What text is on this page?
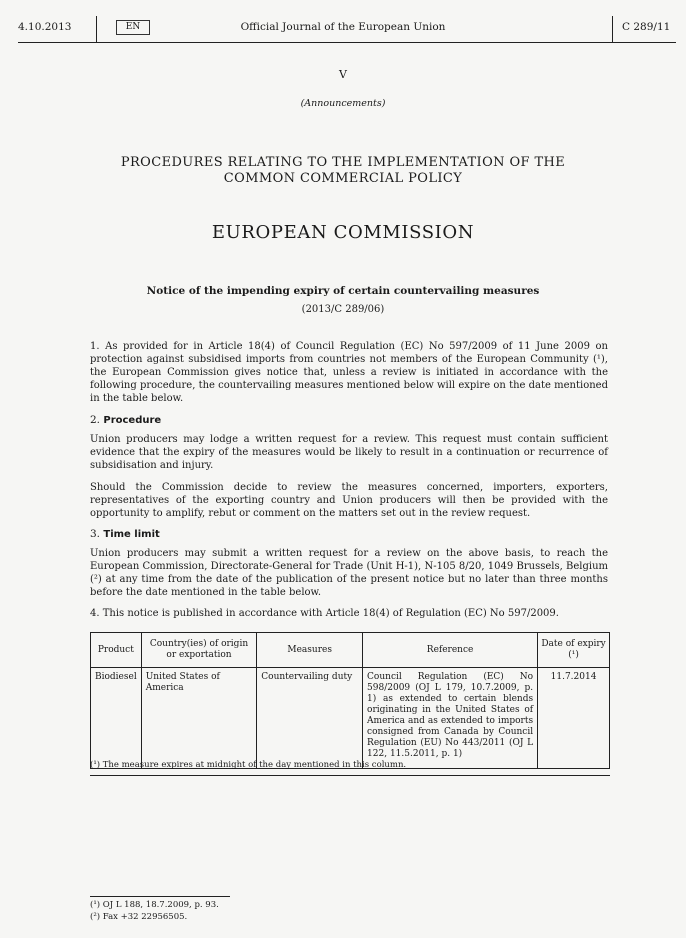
4.10.2013	EN	Official Journal of the European Union	C 289/11
V
(Announcements)
PROCEDURES RELATING TO THE IMPLEMENTATION OF THE COMMON COMMERCIAL POLICY
EUROPEAN COMMISSION
Notice of the impending expiry of certain countervailing measures
(2013/C 289/06)
1. As provided for in Article 18(4) of Council Regulation (EC) No 597/2009 of 11 June 2009 on protection against subsidised imports from countries not members of the European Community (¹), the European Commission gives notice that, unless a review is initiated in accordance with the following procedure, the countervailing measures mentioned below will expire on the date mentioned in the table below.
2. Procedure
Union producers may lodge a written request for a review. This request must contain sufficient evidence that the expiry of the measures would be likely to result in a continuation or recurrence of subsidisation and injury.
Should the Commission decide to review the measures concerned, importers, exporters, representatives of the exporting country and Union producers will then be provided with the opportunity to amplify, rebut or comment on the matters set out in the review request.
3. Time limit
Union producers may submit a written request for a review on the above basis, to reach the European Commission, Directorate-General for Trade (Unit H-1), N-105 8/20, 1049 Brussels, Belgium (²) at any time from the date of the publication of the present notice but no later than three months before the date mentioned in the table below.
4. This notice is published in accordance with Article 18(4) of Regulation (EC) No 597/2009.
Product	Country(ies) of origin or exportation	Measures	Reference	Date of expiry (¹)
Biodiesel	United States of America	Countervailing duty	Council Regulation (EC) No 598/2009 (OJ L 179, 10.7.2009, p. 1) as extended to certain blends originating in the United States of America and as extended to imports consigned from Canada by Council Regulation (EU) No 443/2011 (OJ L 122, 11.5.2011, p. 1)	11.7.2014
(¹) The measure expires at midnight of the day mentioned in this column.
(¹) OJ L 188, 18.7.2009, p. 93.
(²) Fax +32 22956505.
